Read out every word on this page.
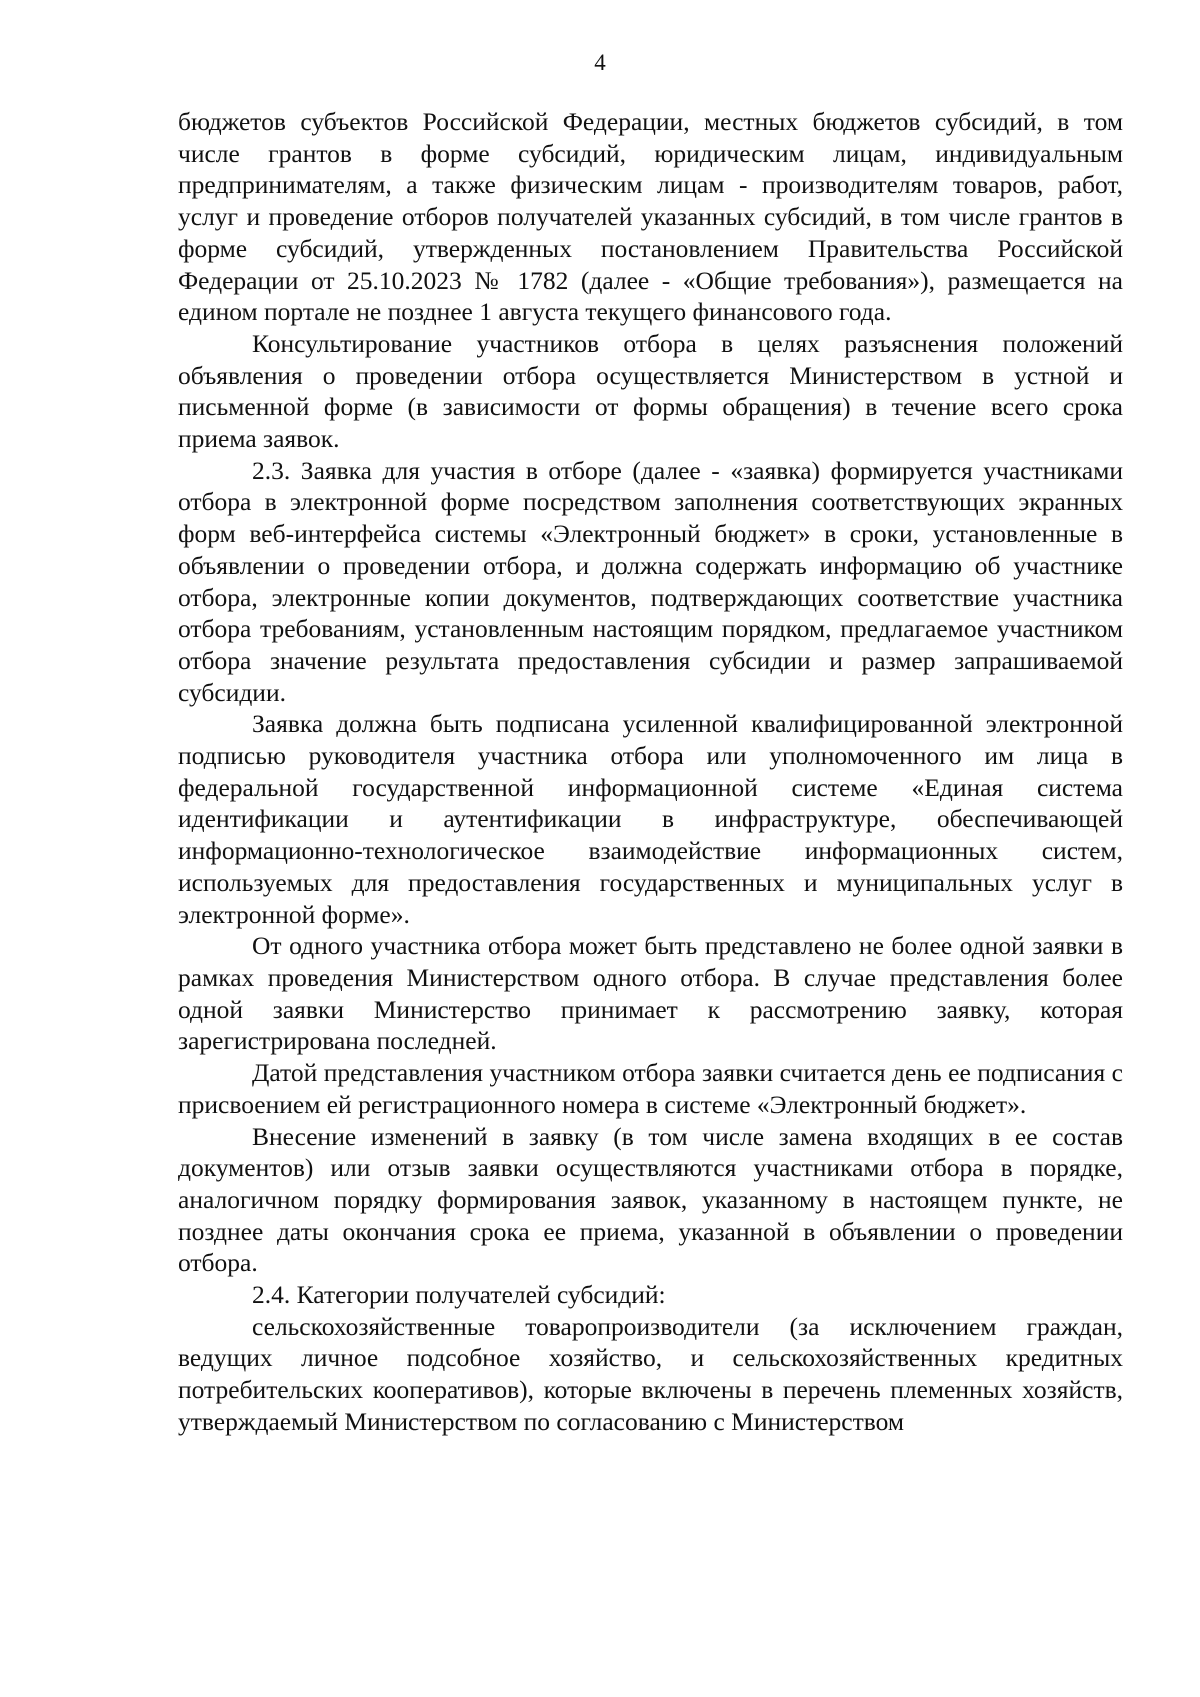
4

бюджетов субъектов Российской Федерации, местных бюджетов субсидий, в том числе грантов в форме субсидий, юридическим лицам, индивидуальным предпринимателям, а также физическим лицам - производителям товаров, работ, услуг и проведение отборов получателей указанных субсидий, в том числе грантов в форме субсидий, утвержденных постановлением Правительства Российской Федерации от 25.10.2023 № 1782 (далее - «Общие требования»), размещается на едином портале не позднее 1 августа текущего финансового года.

Консультирование участников отбора в целях разъяснения положений объявления о проведении отбора осуществляется Министерством в устной и письменной форме (в зависимости от формы обращения) в течение всего срока приема заявок.

2.3. Заявка для участия в отборе (далее - «заявка) формируется участниками отбора в электронной форме посредством заполнения соответствующих экранных форм веб-интерфейса системы «Электронный бюджет» в сроки, установленные в объявлении о проведении отбора, и должна содержать информацию об участнике отбора, электронные копии документов, подтверждающих соответствие участника отбора требованиям, установленным настоящим порядком, предлагаемое участником отбора значение результата предоставления субсидии и размер запрашиваемой субсидии.

Заявка должна быть подписана усиленной квалифицированной электронной подписью руководителя участника отбора или уполномоченного им лица в федеральной государственной информационной системе «Единая система идентификации и аутентификации в инфраструктуре, обеспечивающей информационно-технологическое взаимодействие информационных систем, используемых для предоставления государственных и муниципальных услуг в электронной форме».

От одного участника отбора может быть представлено не более одной заявки в рамках проведения Министерством одного отбора. В случае представления более одной заявки Министерство принимает к рассмотрению заявку, которая зарегистрирована последней.

Датой представления участником отбора заявки считается день ее подписания с присвоением ей регистрационного номера в системе «Электронный бюджет».

Внесение изменений в заявку (в том числе замена входящих в ее состав документов) или отзыв заявки осуществляются участниками отбора в порядке, аналогичном порядку формирования заявок, указанному в настоящем пункте, не позднее даты окончания срока ее приема, указанной в объявлении о проведении отбора.

2.4. Категории получателей субсидий:

сельскохозяйственные товаропроизводители (за исключением граждан, ведущих личное подсобное хозяйство, и сельскохозяйственных кредитных потребительских кооперативов), которые включены в перечень племенных хозяйств, утверждаемый Министерством по согласованию с Министерством
